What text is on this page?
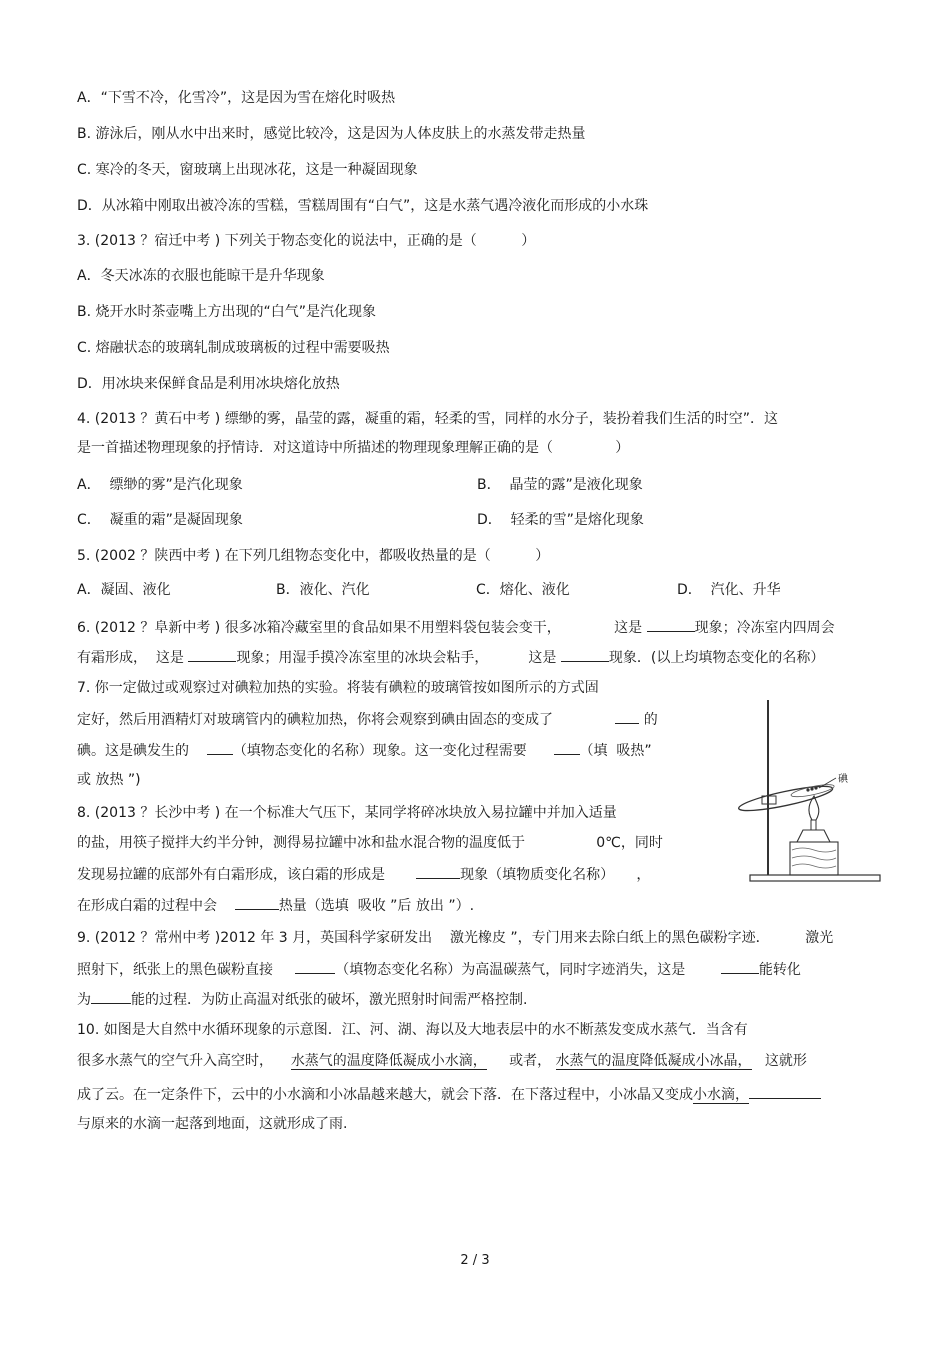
A．“下雪不冷，化雪冷”，这是因为雪在熔化时吸热
B. 游泳后，刚从水中出来时，感觉比较冷，这是因为人体皮肤上的水蒸发带走热量
C. 寒冷的冬天，窗玻璃上出现冰花，这是一种凝固现象
D．从冰箱中刚取出被冷冻的雪糕，雪糕周围有“白气”，这是水蒸气遇冷液化而形成的小水珠
3. (2013 ？宿迁中考 ) 下列关于物态变化的说法中，正确的是（          ）
A．冬天冰冻的衣服也能晾干是升华现象
B. 烧开水时茶壶嘴上方出现的“白气”是汽化现象
C. 熔融状态的玻璃轧制成玻璃板的过程中需要吸热
D．用冰块来保鲜食品是利用冰块熔化放热
4. (2013 ？黄石中考 ) 缥缈的雾，晶莹的露，凝重的霜，轻柔的雪，同样的水分子，装扮着我们生活的时空”．这
是一首描述物理现象的抒情诗．对这道诗中所描述的物理现象理解正确的是（              ）
A．  缥缈的雾”是汽化现象	B．  晶莹的露”是液化现象
C．  凝重的霜”是凝固现象	D．  轻柔的雪”是熔化现象
5. (2002 ？陕西中考 ) 在下列几组物态变化中，都吸收热量的是（          ）
A．凝固、液化	B．液化、汽化	C．熔化、液化	D．  汽化、升华
6. (2012 ？阜新中考 ) 很多冰箱冷藏室里的食品如果不用塑料袋包装会变干，	这是	现象；冷冻室内四周会
有霜形成，  这是	现象；用湿手摸冷冻室里的冰块会粘手，	这是	现象．(以上均填物态变化的名称）
7. 你一定做过或观察过对碘粒加热的实验。将装有碘粒的玻璃管按如图所示的方式固
定好，然后用酒精灯对玻璃管内的碘粒加热，你将会观察到碘由固态的变成了	的
碘。这是碘发生的	（填物态变化的名称）现象。这一变化过程需要	（填  吸热”
或 放热 ”)
8. (2013 ？长沙中考 ) 在一个标准大气压下，某同学将碎冰块放入易拉罐中并加入适量
的盐，用筷子搅拌大约半分钟，测得易拉罐中冰和盐水混合物的温度低于	0℃，同时
发现易拉罐的底部外有白霜形成，该白霜的形成是	现象（填物质变化名称） ，
在形成白霜的过程中会	热量（选填  吸收 ”后 放出 ”）.
碘
9. (2012 ？常州中考 )2012 年 3 月，英国科学家研发出 激光橡皮 ”，专门用来去除白纸上的黑色碳粉字迹．	激光
照射下，纸张上的黑色碳粉直接	（填物态变化名称）为高温碳蒸气，同时字迹消失，这是	能转化
为	能的过程．为防止高温对纸张的破坏，激光照射时间需严格控制.
10. 如图是大自然中水循环现象的示意图．江、河、湖、海以及大地表层中的水不断蒸发变成水蒸气．当含有
很多水蒸气的空气升入高空时， 水蒸气的温度降低凝成小水滴， 或者， 水蒸气的温度降低凝成小冰晶， 这就形
成了云。在一定条件下，云中的小水滴和小冰晶越来越大，就会下落．在下落过程中，小冰晶又变成小水滴，
与原来的水滴一起落到地面，这就形成了雨.
2 / 3
